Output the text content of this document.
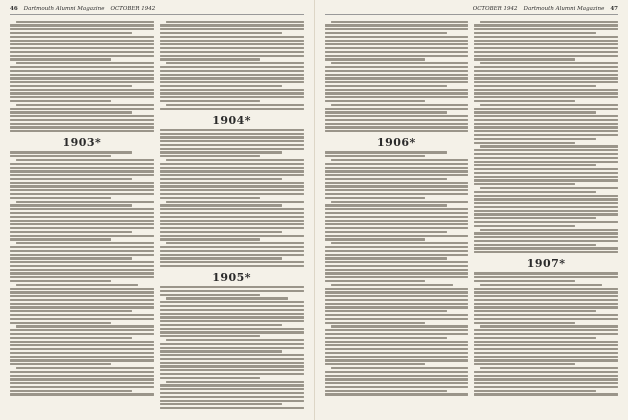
46 Dartmouth Alumni Magazine OCTOBER 1942
1903*
1904*
1905*
OCTOBER 1942 Dartmouth Alumni Magazine 47
1906*
1907*
